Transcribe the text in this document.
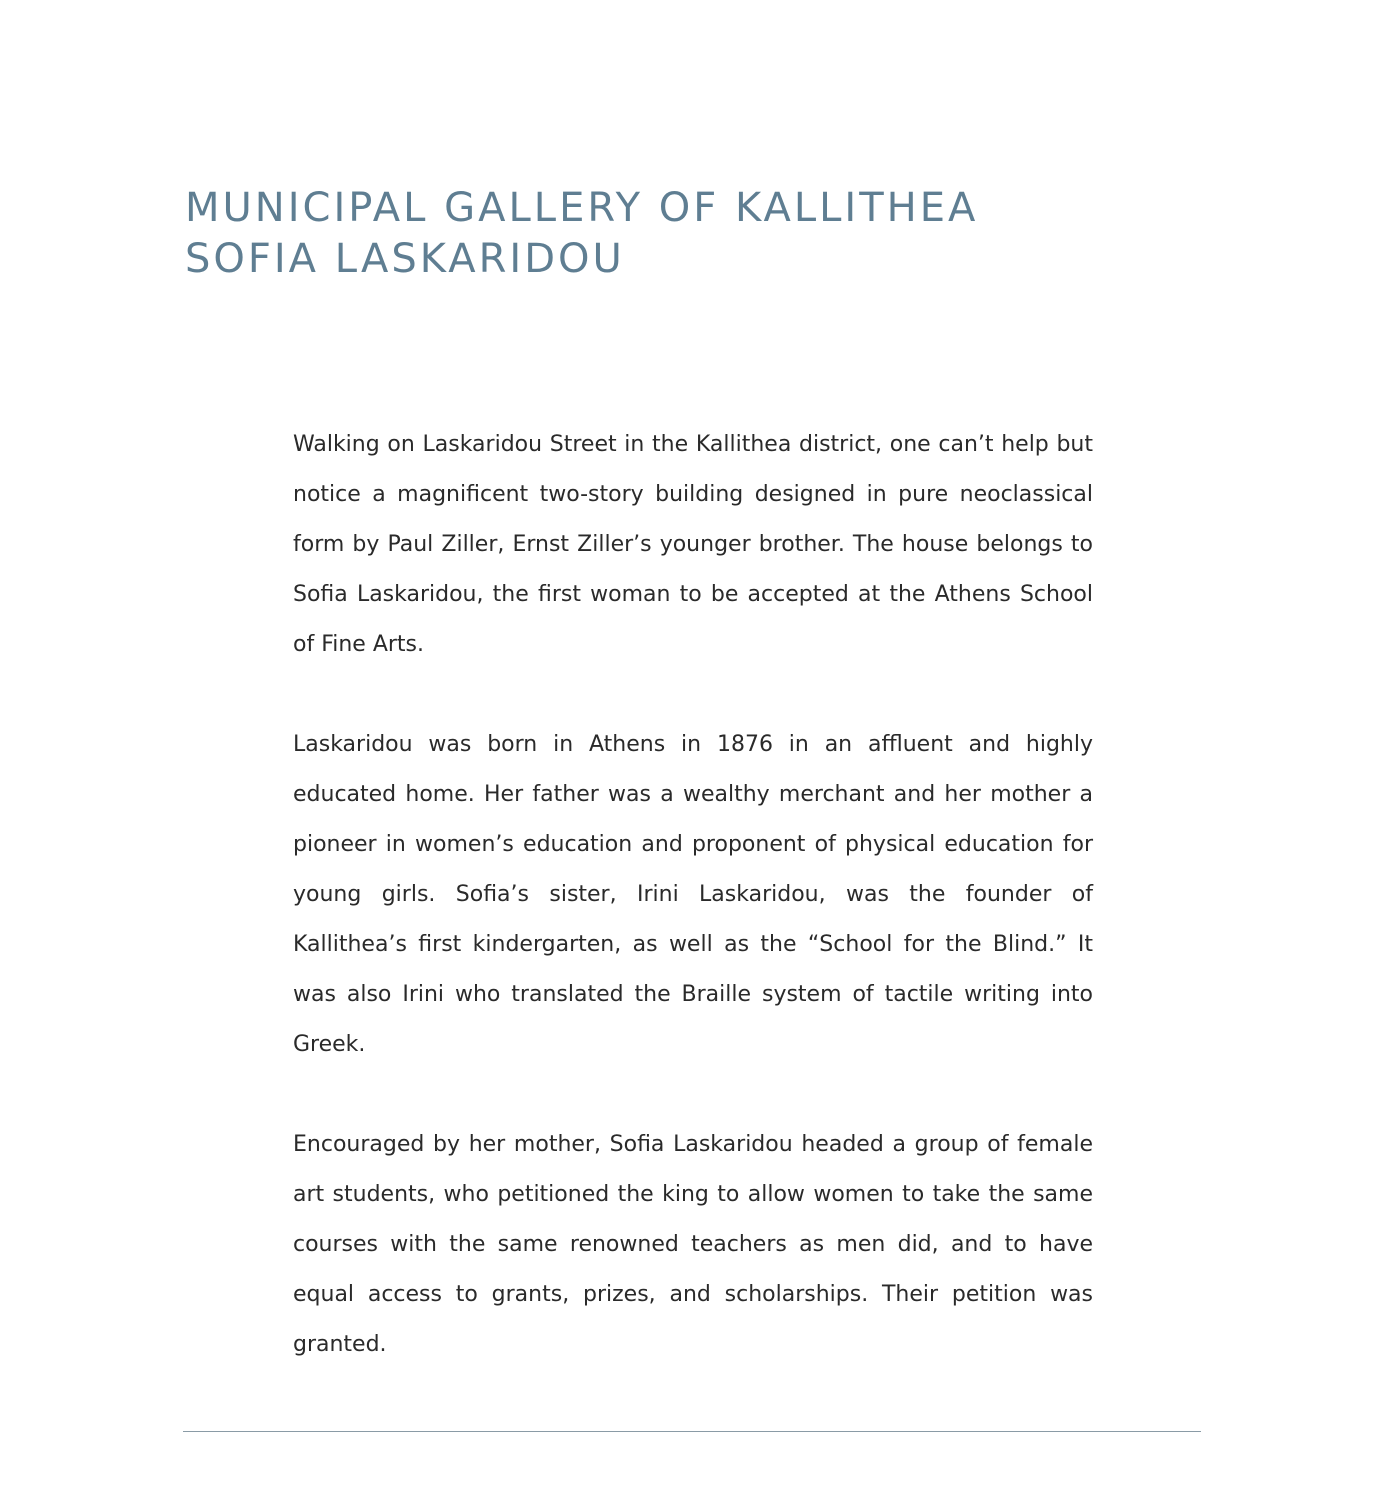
MUNICIPAL GALLERY OF KALLITHEA
SOFIA LASKARIDOU

Walking on Laskaridou Street in the Kallithea district, one can’t help but notice a magnificent two-story building designed in pure neoclassical form by Paul Ziller, Ernst Ziller’s younger brother. The house belongs to Sofia Laskaridou, the first woman to be accepted at the Athens School of Fine Arts.

Laskaridou was born in Athens in 1876 in an affluent and highly educated home. Her father was a wealthy merchant and her mother a pioneer in women’s education and proponent of physical education for young girls. Sofia’s sister, Irini Laskaridou, was the founder of Kallithea’s first kindergarten, as well as the “School for the Blind.” It was also Irini who translated the Braille system of tactile writing into Greek.

Encouraged by her mother, Sofia Laskaridou headed a group of female art students, who petitioned the king to allow women to take the same courses with the same renowned teachers as men did, and to have equal access to grants, prizes, and scholarships. Their petition was granted.
